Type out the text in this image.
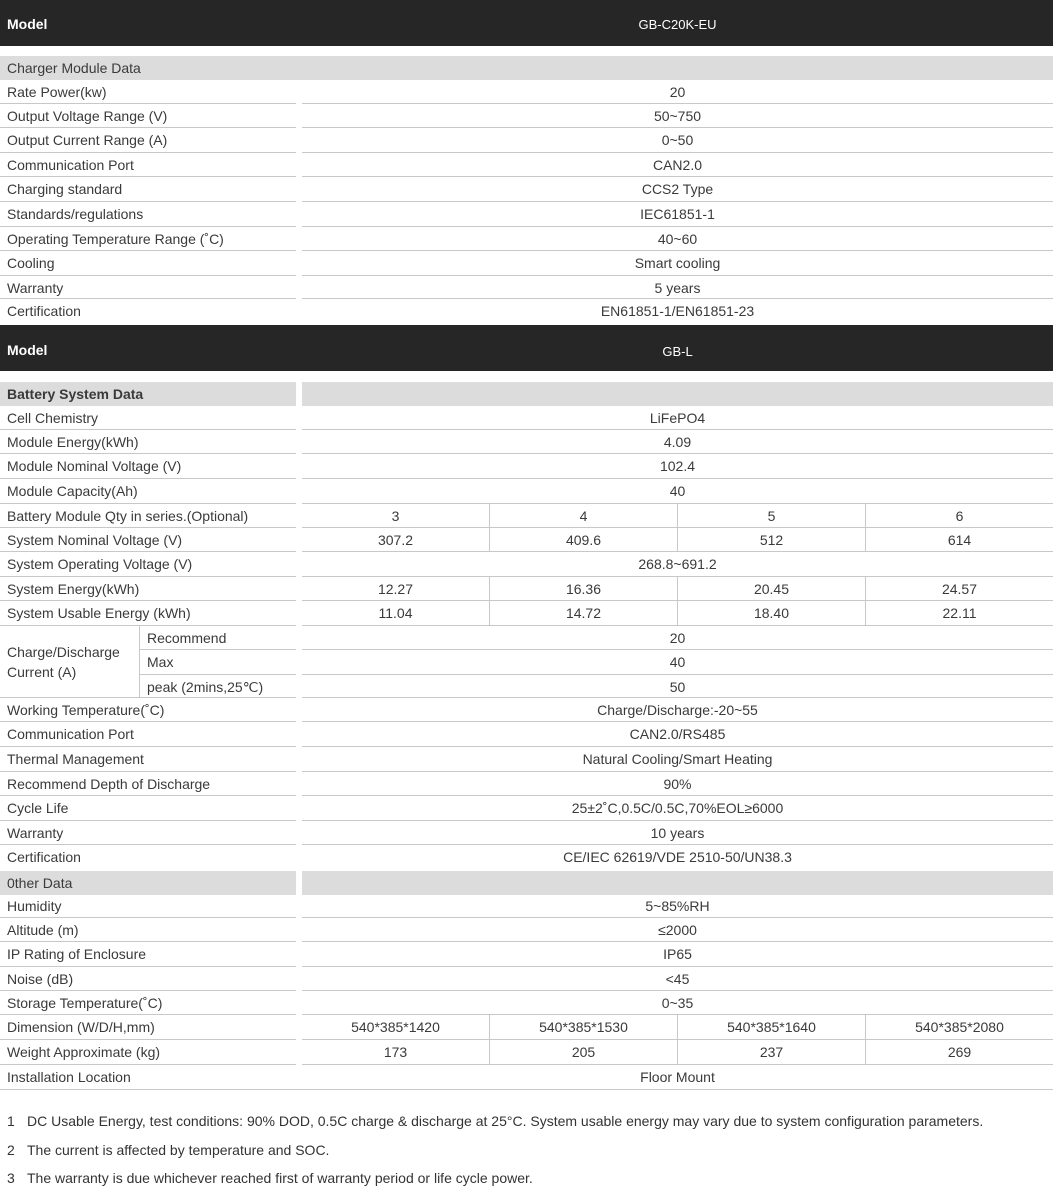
Model	GB-C20K-EU
Charger Module Data
Rate Power(kw)	20
Output Voltage Range (V)	50~750
Output Current Range (A)	0~50
Communication Port	CAN2.0
Charging standard	CCS2 Type
Standards/regulations	IEC61851-1
Operating Temperature Range (˚C)	40~60
Cooling	Smart cooling
Warranty	5 years
Certification	EN61851-1/EN61851-23
Model	GB-L
Battery System Data
Cell Chemistry	LiFePO4
Module Energy(kWh)	4.09
Module Nominal Voltage (V)	102.4
Module Capacity(Ah)	40
Battery Module Qty in series.(Optional)	3	4	5	6
System Nominal Voltage (V)	307.2	409.6	512	614
System Operating Voltage (V)	268.8~691.2
System Energy(kWh)	12.27	16.36	20.45	24.57
System Usable Energy (kWh)	11.04	14.72	18.40	22.11
Charge/Discharge Current (A)
Recommend	20
Max	40
peak (2mins,25℃)	50
Working Temperature(˚C)	Charge/Discharge:-20~55
Communication Port	CAN2.0/RS485
Thermal Management	Natural Cooling/Smart Heating
Recommend Depth of Discharge	90%
Cycle Life	25±2˚C,0.5C/0.5C,70%EOL≥6000
Warranty	10 years
Certification	CE/IEC 62619/VDE 2510-50/UN38.3
0ther Data
Humidity	5~85%RH
Altitude (m)	≤2000
IP Rating of Enclosure	IP65
Noise (dB)	<45
Storage Temperature(˚C)	0~35
Dimension (W/D/H,mm)	540*385*1420	540*385*1530	540*385*1640	540*385*2080
Weight Approximate (kg)	173	205	237	269
Installation Location	Floor Mount
1 DC Usable Energy, test conditions: 90% DOD, 0.5C charge & discharge at 25°C. System usable energy may vary due to system configuration parameters.
2 The current is affected by temperature and SOC.
3 The warranty is due whichever reached first of warranty period or life cycle power.
